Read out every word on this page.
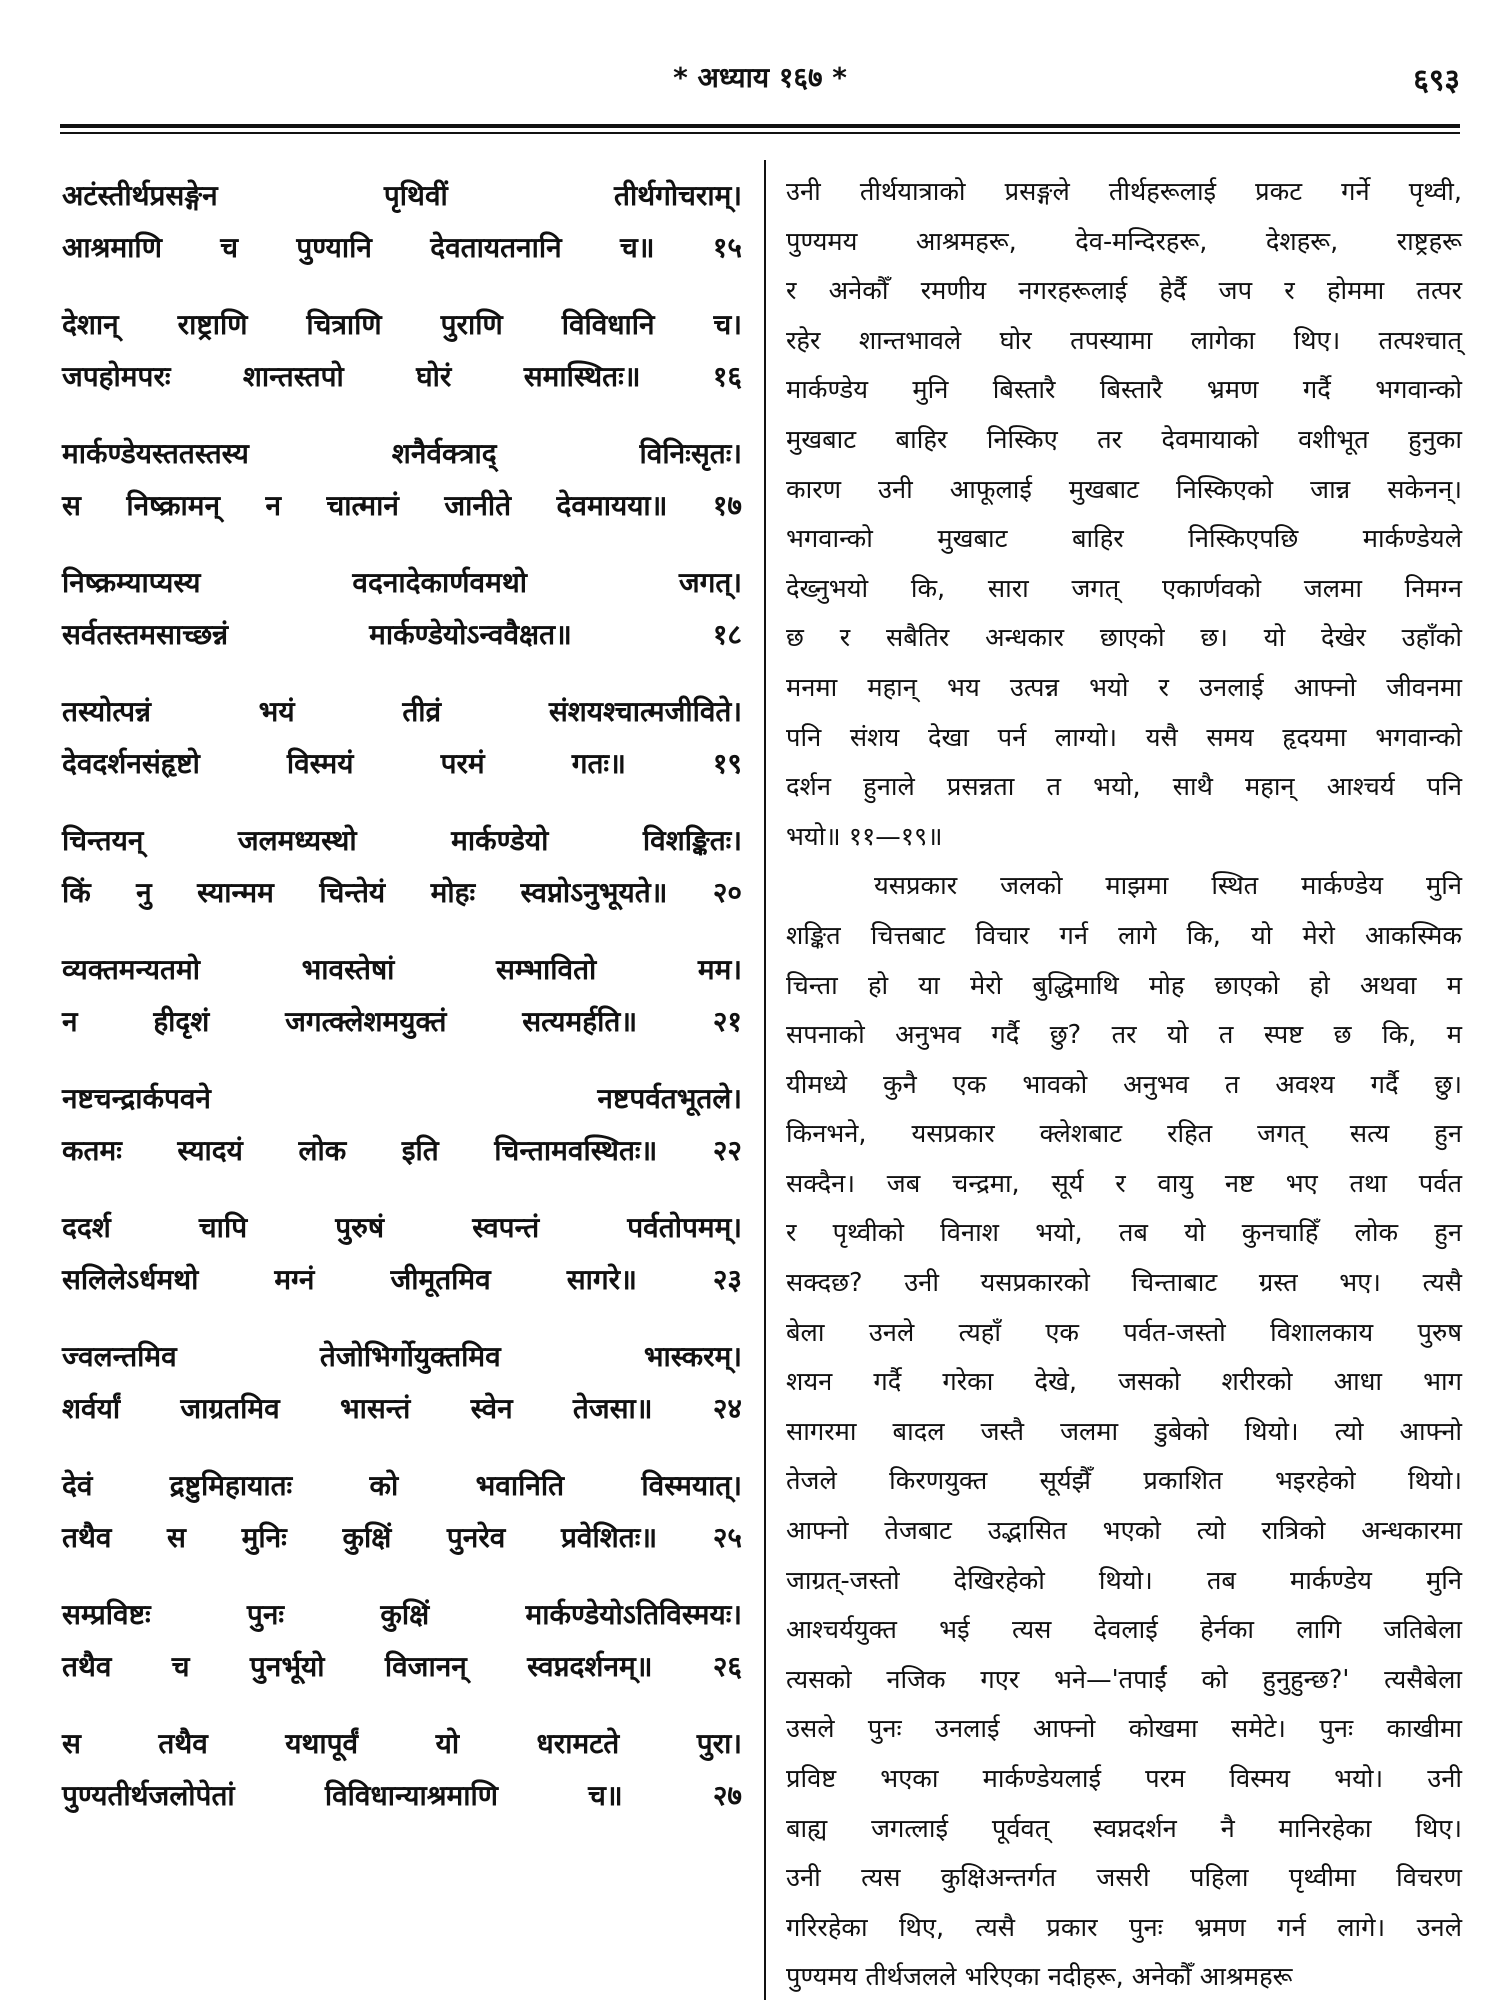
* अध्याय १६७ *	६९३
अटंस्तीर्थप्रसङ्गेन	पृथिवीं	तीर्थगोचराम्।
आश्रमाणि च पुण्यानि देवतायतनानि च॥ १५
देशान् राष्ट्राणि चित्राणि पुराणि विविधानि च।
जपहोमपरः	शान्तस्तपो	घोरं	समास्थितः॥	१६
मार्कण्डेयस्ततस्तस्य	शनैर्वक्त्राद्	विनिःसृतः।
स निष्क्रामन् न चात्मानं जानीते देवमायया॥ १७
निष्क्रम्याप्यस्य	वदनादेकार्णवमथो	जगत्।
सर्वतस्तमसाच्छन्नं	मार्कण्डेयोऽन्ववैक्षत॥	१८
तस्योत्पन्नं	भयं	तीव्रं	संशयश्चात्मजीविते।
देवदर्शनसंहृष्टो	विस्मयं	परमं	गतः॥	१९
चिन्तयन्	जलमध्यस्थो	मार्कण्डेयो	विशङ्कितः।
किं नु स्यान्मम चिन्तेयं मोहः स्वप्नोऽनुभूयते॥ २०
व्यक्तमन्यतमो	भावस्तेषां	सम्भावितो	मम।
न	हीदृशं	जगत्क्लेशमयुक्तं	सत्यमर्हति॥	२१
नष्टचन्द्रार्कपवने	नष्टपर्वतभूतले।
कतमः स्यादयं लोक इति चिन्तामवस्थितः॥ २२
ददर्श	चापि	पुरुषं	स्वपन्तं	पर्वतोपमम्।
सलिलेऽर्धमथो	मग्नं	जीमूतमिव	सागरे॥	२३
ज्वलन्तमिव	तेजोभिर्गोयुक्तमिव	भास्करम्।
शर्वर्यां जाग्रतमिव भासन्तं स्वेन तेजसा॥ २४
देवं	द्रष्टुमिहायातः	को	भवानिति	विस्मयात्।
तथैव स मुनिः कुक्षिं पुनरेव प्रवेशितः॥ २५
सम्प्रविष्टः	पुनः	कुक्षिं	मार्कण्डेयोऽतिविस्मयः।
तथैव च पुनर्भूयो विजानन् स्वप्नदर्शनम्॥ २६
स	तथैव	यथापूर्वं	यो	धरामटते	पुरा।
पुण्यतीर्थजलोपेतां	विविधान्याश्रमाणि	च॥	२७
उनी तीर्थयात्राको प्रसङ्गले तीर्थहरूलाई प्रकट गर्ने पृथ्वी,
पुण्यमय आश्रमहरू, देव-मन्दिरहरू, देशहरू, राष्ट्रहरू
र अनेकौँ रमणीय नगरहरूलाई हेर्दै जप र होममा तत्पर
रहेर शान्तभावले घोर तपस्यामा लागेका थिए। तत्पश्चात्
मार्कण्डेय मुनि बिस्तारै बिस्तारै भ्रमण गर्दै भगवान्को
मुखबाट बाहिर निस्किए तर देवमायाको वशीभूत हुनुका
कारण उनी आफूलाई मुखबाट निस्किएको जान्न सकेनन्।
भगवान्को मुखबाट बाहिर निस्किएपछि मार्कण्डेयले
देख्नुभयो कि, सारा जगत् एकार्णवको जलमा निमग्न
छ र सबैतिर अन्धकार छाएको छ। यो देखेर उहाँको
मनमा महान् भय उत्पन्न भयो र उनलाई आफ्नो जीवनमा
पनि संशय देखा पर्न लाग्यो। यसै समय हृदयमा भगवान्को
दर्शन हुनाले प्रसन्नता त भयो, साथै महान् आश्चर्य पनि
भयो॥ ११—१९॥
यसप्रकार जलको माझमा स्थित मार्कण्डेय मुनि
शङ्कित चित्तबाट विचार गर्न लागे कि, यो मेरो आकस्मिक
चिन्ता हो या मेरो बुद्धिमाथि मोह छाएको हो अथवा म
सपनाको अनुभव गर्दै छु? तर यो त स्पष्ट छ कि, म
यीमध्ये कुनै एक भावको अनुभव त अवश्य गर्दै छु।
किनभने, यसप्रकार क्लेशबाट रहित जगत् सत्य हुन
सक्दैन। जब चन्द्रमा, सूर्य र वायु नष्ट भए तथा पर्वत
र पृथ्वीको विनाश भयो, तब यो कुनचाहिँ लोक हुन
सक्दछ? उनी यसप्रकारको चिन्ताबाट ग्रस्त भए। त्यसै
बेला उनले त्यहाँ एक पर्वत-जस्तो विशालकाय पुरुष
शयन गर्दै गरेका देखे, जसको शरीरको आधा भाग
सागरमा बादल जस्तै जलमा डुबेको थियो। त्यो आफ्नो
तेजले किरणयुक्त सूर्यझैँ प्रकाशित भइरहेको थियो।
आफ्नो तेजबाट उद्भासित भएको त्यो रात्रिको अन्धकारमा
जाग्रत्-जस्तो देखिरहेको थियो। तब मार्कण्डेय मुनि
आश्चर्ययुक्त भई त्यस देवलाई हेर्नका लागि जतिबेला
त्यसको नजिक गएर भने—'तपाईं को हुनुहुन्छ?' त्यसैबेला
उसले पुनः उनलाई आफ्नो कोखमा समेटे। पुनः काखीमा
प्रविष्ट भएका मार्कण्डेयलाई परम विस्मय भयो। उनी
बाह्य जगत्लाई पूर्ववत् स्वप्नदर्शन नै मानिरहेका थिए।
उनी त्यस कुक्षिअन्तर्गत जसरी पहिला पृथ्वीमा विचरण
गरिरहेका थिए, त्यसै प्रकार पुनः भ्रमण गर्न लागे। उनले
पुण्यमय तीर्थजलले भरिएका नदीहरू, अनेकौँ आश्रमहरू
